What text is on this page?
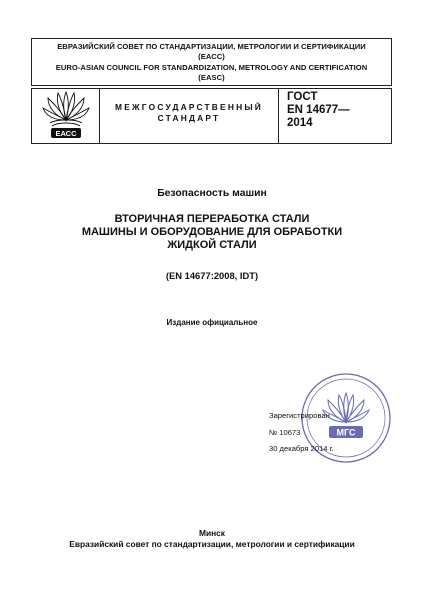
ЕВРАЗИЙСКИЙ СОВЕТ ПО СТАНДАРТИЗАЦИИ, МЕТРОЛОГИИ И СЕРТИФИКАЦИИ
(ЕАСС)
EURO-ASIAN COUNCIL FOR STANDARDIZATION, METROLOGY AND CERTIFICATION
(EASC)
ЕАСС
МЕЖГОСУДАРСТВЕННЫЙ
СТАНДАРТ
ГОСТ
EN 14677—
2014
Безопасность машин
ВТОРИЧНАЯ ПЕРЕРАБОТКА СТАЛИ
МАШИНЫ И ОБОРУДОВАНИЕ ДЛЯ ОБРАБОТКИ
ЖИДКОЙ СТАЛИ
(EN 14677:2008, IDT)
Издание официальное
МГС
Зарегистрирован
№ 10673
30 декабря 2014 г.
Минск
Евразийский совет по стандартизации, метрологии и сертификации
